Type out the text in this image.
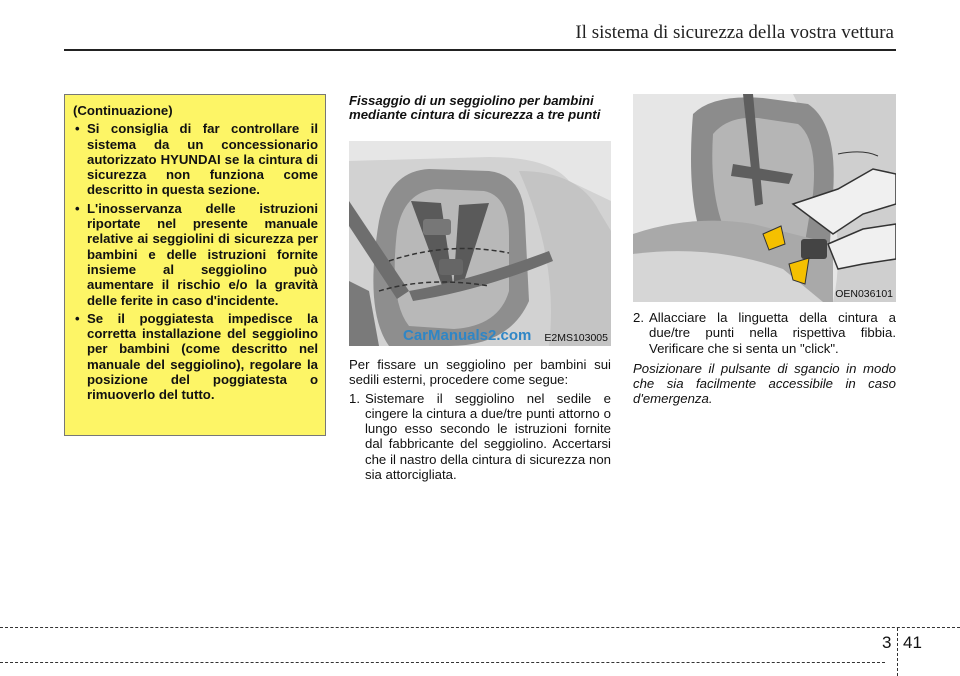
Il sistema di sicurezza della vostra vettura
(Continuazione)
• Si consiglia di far controllare il sistema da un concessionario autorizzato HYUNDAI se la cintura di sicurezza non funziona come descritto in questa sezione.
• L'inosservanza delle istruzioni riportate nel presente manuale relative ai seggiolini di sicurezza per bambini e delle istruzioni fornite insieme al seggiolino può aumentare il rischio e/o la gravità delle ferite in caso d'incidente.
• Se il poggiatesta impedisce la corretta installazione del seggiolino per bambini (come descritto nel manuale del seggiolino), regolare la posizione del poggiatesta o rimuoverlo del tutto.

Fissaggio di un seggiolino per bambini mediante cintura di sicurezza a tre punti

CarManuals2.com E2MS103005

Per fissare un seggiolino per bambini sui sedili esterni, procedere come segue:

1. Sistemare il seggiolino nel sedile e cingere la cintura a due/tre punti attorno o lungo esso secondo le istruzioni fornite dal fabbricante del seggiolino. Accertarsi che il nastro della cintura di sicurezza non sia attorcigliata.
OEN036101
2. Allacciare la linguetta della cintura a due/tre punti nella rispettiva fibbia. Verificare che si senta un "click".

Posizionare il pulsante di sgancio in modo che sia facilmente accessibile in caso d'emergenza.

3 41
